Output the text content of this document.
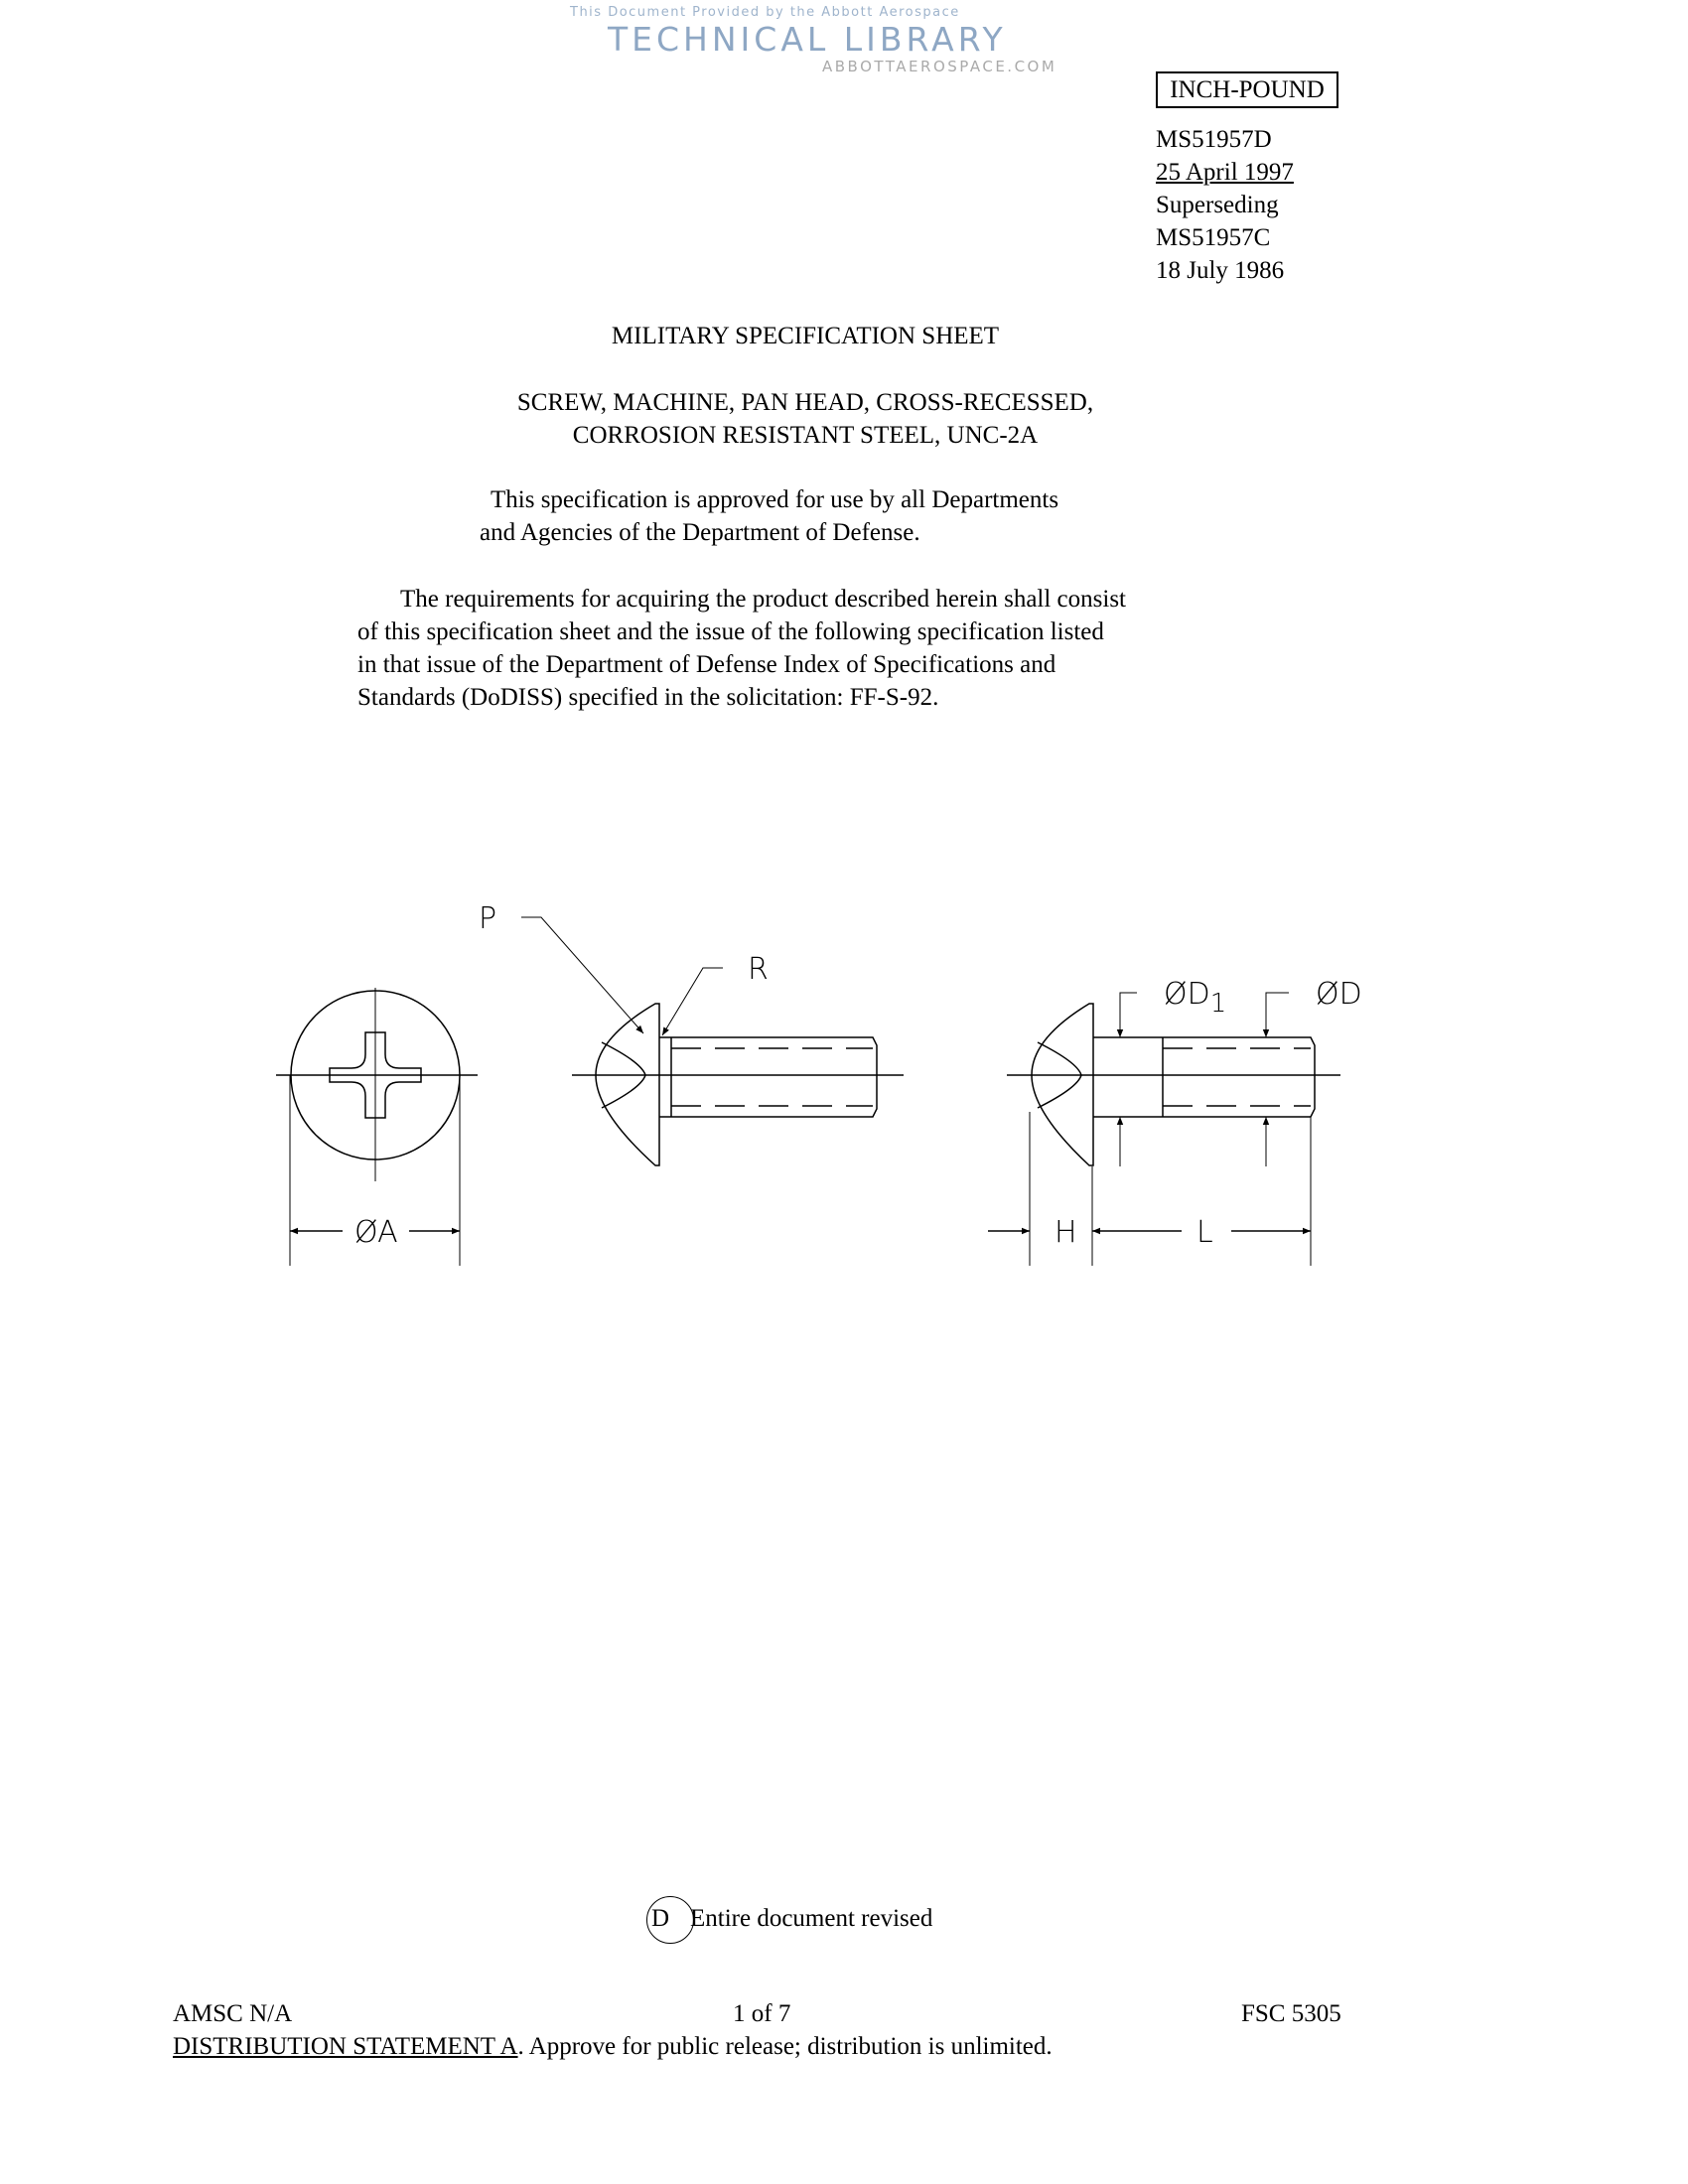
This Document Provided by the Abbott Aerospace
TECHNICAL LIBRARY
ABBOTTAEROSPACE.COM
INCH-POUND
MS51957D
25 April 1997
Superseding
MS51957C
18 July 1986
MILITARY SPECIFICATION SHEET
SCREW, MACHINE, PAN HEAD, CROSS-RECESSED,
CORROSION RESISTANT STEEL, UNC-2A
This specification is approved for use by all Departments
and Agencies of the Department of Defense.
The requirements for acquiring the product described herein shall consist
of this specification sheet and the issue of the following specification listed
in that issue of the Department of Defense Index of Specifications and
Standards (DoDISS) specified in the solicitation: FF-S-92.
P
R
ØA
ØD1	ØD
H	L
D Entire document revised
AMSC N/A	1 of 7	FSC 5305
DISTRIBUTION STATEMENT A. Approve for public release; distribution is unlimited.
